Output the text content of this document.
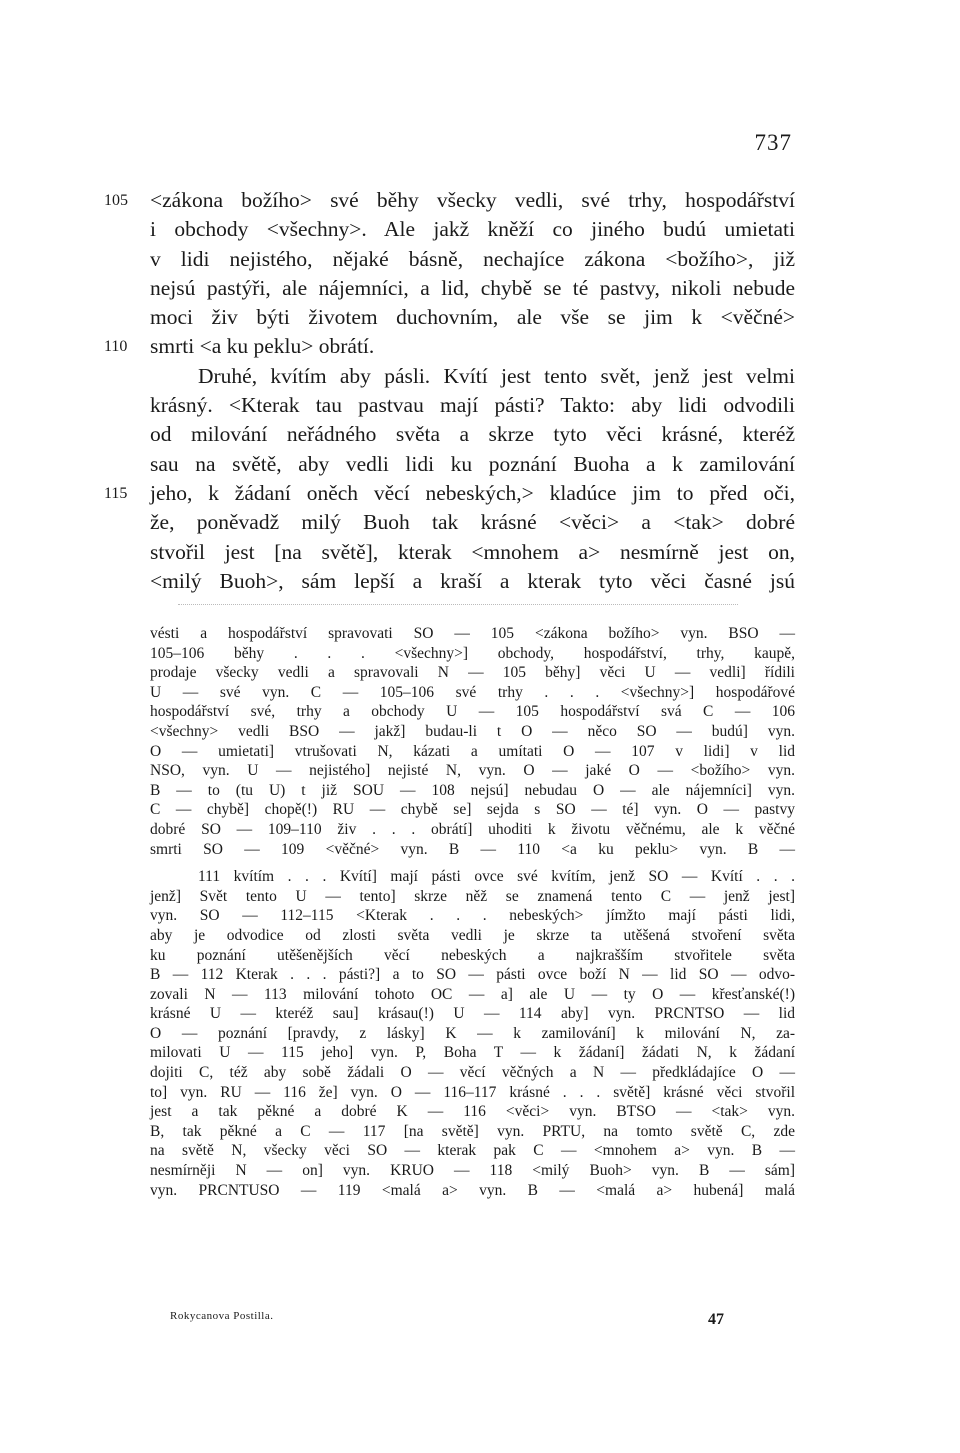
737
105	<zákona božího> své běhy všecky vedli, své trhy, hospodářství
i obchody <všechny>. Ale jakž kněží co jiného budú umietati
v lidi nejistého, nějaké básně, nechajíce zákona <božího>, již
nejsú pastýři, ale nájemníci, a lid, chybě se té pastvy, nikoli nebude
moci živ býti životem duchovním, ale vše se jim k <věčné>
110	smrti <a ku peklu> obrátí.
Druhé, kvítím aby pásli. Kvítí jest tento svět, jenž jest velmi
krásný. <Kterak tau pastvau mají pásti? Takto: aby lidi odvodili
od milování neřádného světa a skrze tyto věci krásné, kteréž
sau na světě, aby vedli lidi ku poznání Buoha a k zamilování
115	jeho, k žádaní oněch věcí nebeských,> kladúce jim to před oči,
že, poněvadž milý Buoh tak krásné <věci> a <tak> dobré
stvořil jest [na světě], kterak <mnohem a> nesmírně jest on,
<milý Buoh>, sám lepší a kraší a kterak tyto věci časné jsú
vésti a hospodářství spravovati SO — 105 <zákona božího> vyn. BSO —
105–106 běhy . . . <všechny>] obchody, hospodářství, trhy, kaupě,
prodaje všecky vedli a spravovali N — 105 běhy] věci U — vedli] řídili
U — své vyn. C — 105–106 své trhy . . . <všechny>] hospodářové
hospodářství své, trhy a obchody U — 105 hospodářství svá C — 106
<všechny> vedli BSO — jakž] budau-li t O — něco SO — budú] vyn.
O — umietati] vtrušovati N, kázati a umítati O — 107 v lidi] v lid
NSO, vyn. U — nejistého] nejisté N, vyn. O — jaké O — <božího> vyn.
B — to (tu U) t již SOU — 108 nejsú] nebudau O — ale nájemníci] vyn.
C — chybě] chopě(!) RU — chybě se] sejda s SO — té] vyn. O — pastvy
dobré SO — 109–110 živ . . . obrátí] uhoditi k životu věčnému, ale k věčné
smrti SO — 109 <věčné> vyn. B — 110 <a ku peklu> vyn. B —
111 kvítím . . . Kvítí] mají pásti ovce své kvítím, jenž SO — Kvítí . . .
jenž] Svět tento U — tento] skrze něž se znamená tento C — jenž jest]
vyn. SO — 112–115 <Kterak . . . nebeských> jímžto mají pásti lidi,
aby je odvodice od zlosti světa vedli je skrze ta utěšená stvoření světa
ku poznání utěšenějších věcí nebeských a najkrašším stvořitele světa
B — 112 Kterak . . . pásti?] a to SO — pásti ovce boží N — lid SO — odvo-
zovali N — 113 milování tohoto OC — a] ale U — ty O — křesťanské(!)
krásné U — kteréž sau] krásau(!) U — 114 aby] vyn. PRCNTSO — lid
O — poznání [pravdy, z lásky] K — k zamilování] k milování N, za-
milovati U — 115 jeho] vyn. P, Boha T — k žádaní] žádati N, k žádaní
dojiti C, též aby sobě žádali O — věcí věčných a N — předkládajíce O —
to] vyn. RU — 116 že] vyn. O — 116–117 krásné . . . světě] krásné věci stvořil
jest a tak pěkné a dobré K — 116 <věci> vyn. BTSO — <tak> vyn.
B, tak pěkné a C — 117 [na světě] vyn. PRTU, na tomto světě C, zde
na světě N, všecky věci SO — kterak pak C — <mnohem a> vyn. B —
nesmírněji N — on] vyn. KRUO — 118 <milý Buoh> vyn. B — sám]
vyn. PRCNTUSO — 119 <malá a> vyn. B — <malá a> hubená] malá
Rokycanova Postilla.	47
